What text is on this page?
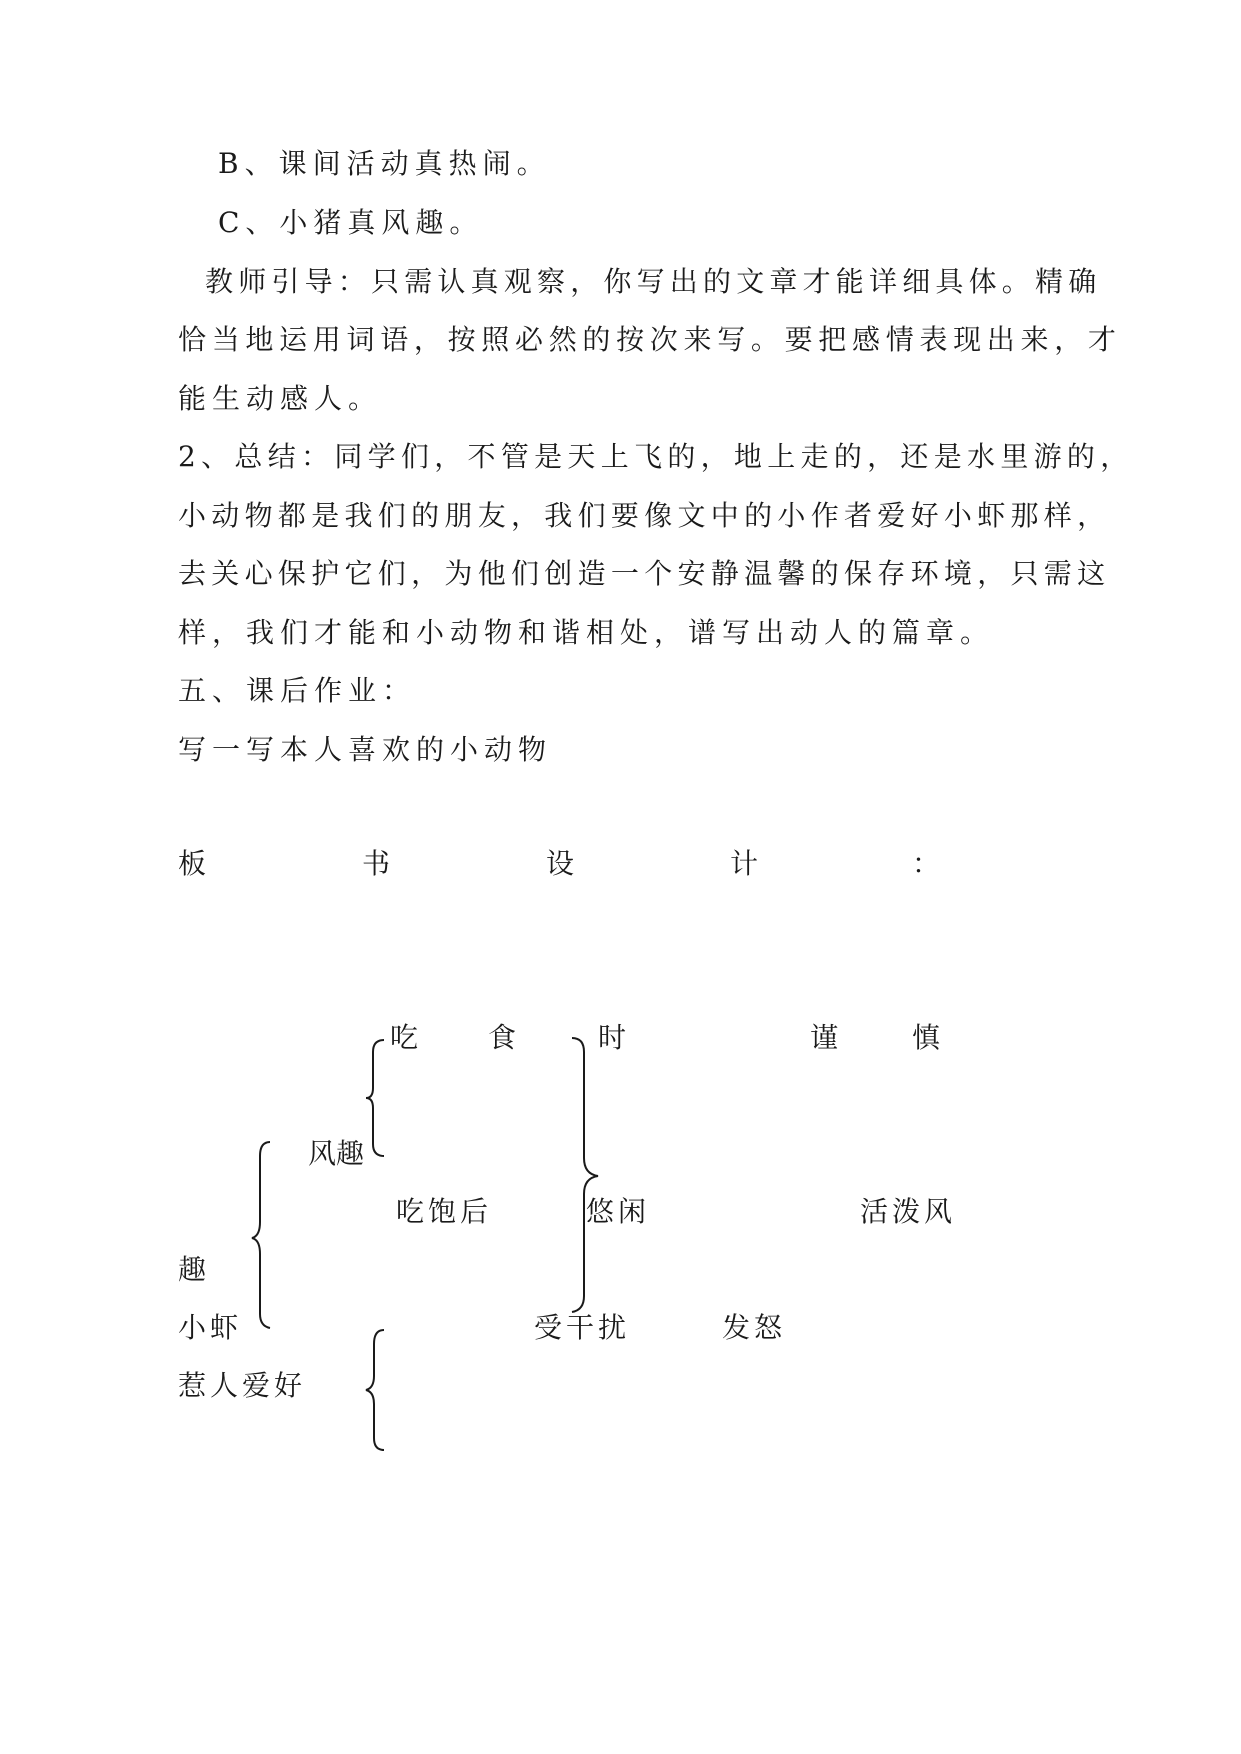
B、课间活动真热闹。

C、小猪真风趣。

教师引导：只需认真观察，你写出的文章才能详细具体。精确

恰当地运用词语，按照必然的按次来写。要把感情表现出来，才

能生动感人。

2、总结：同学们，不管是天上飞的，地上走的，还是水里游的，

小动物都是我们的朋友，我们要像文中的小作者爱好小虾那样，

去关心保护它们，为他们创造一个安静温馨的保存环境，只需这

样，我们才能和小动物和谐相处，谱写出动人的篇章。

五、课后作业：

写一写本人喜欢的小动物

板	书	设	计	：
吃食 时	谨	慎
风趣
吃饱后	悠闲	活泼风
趣
小虾	受干扰	发怒
惹人爱好
